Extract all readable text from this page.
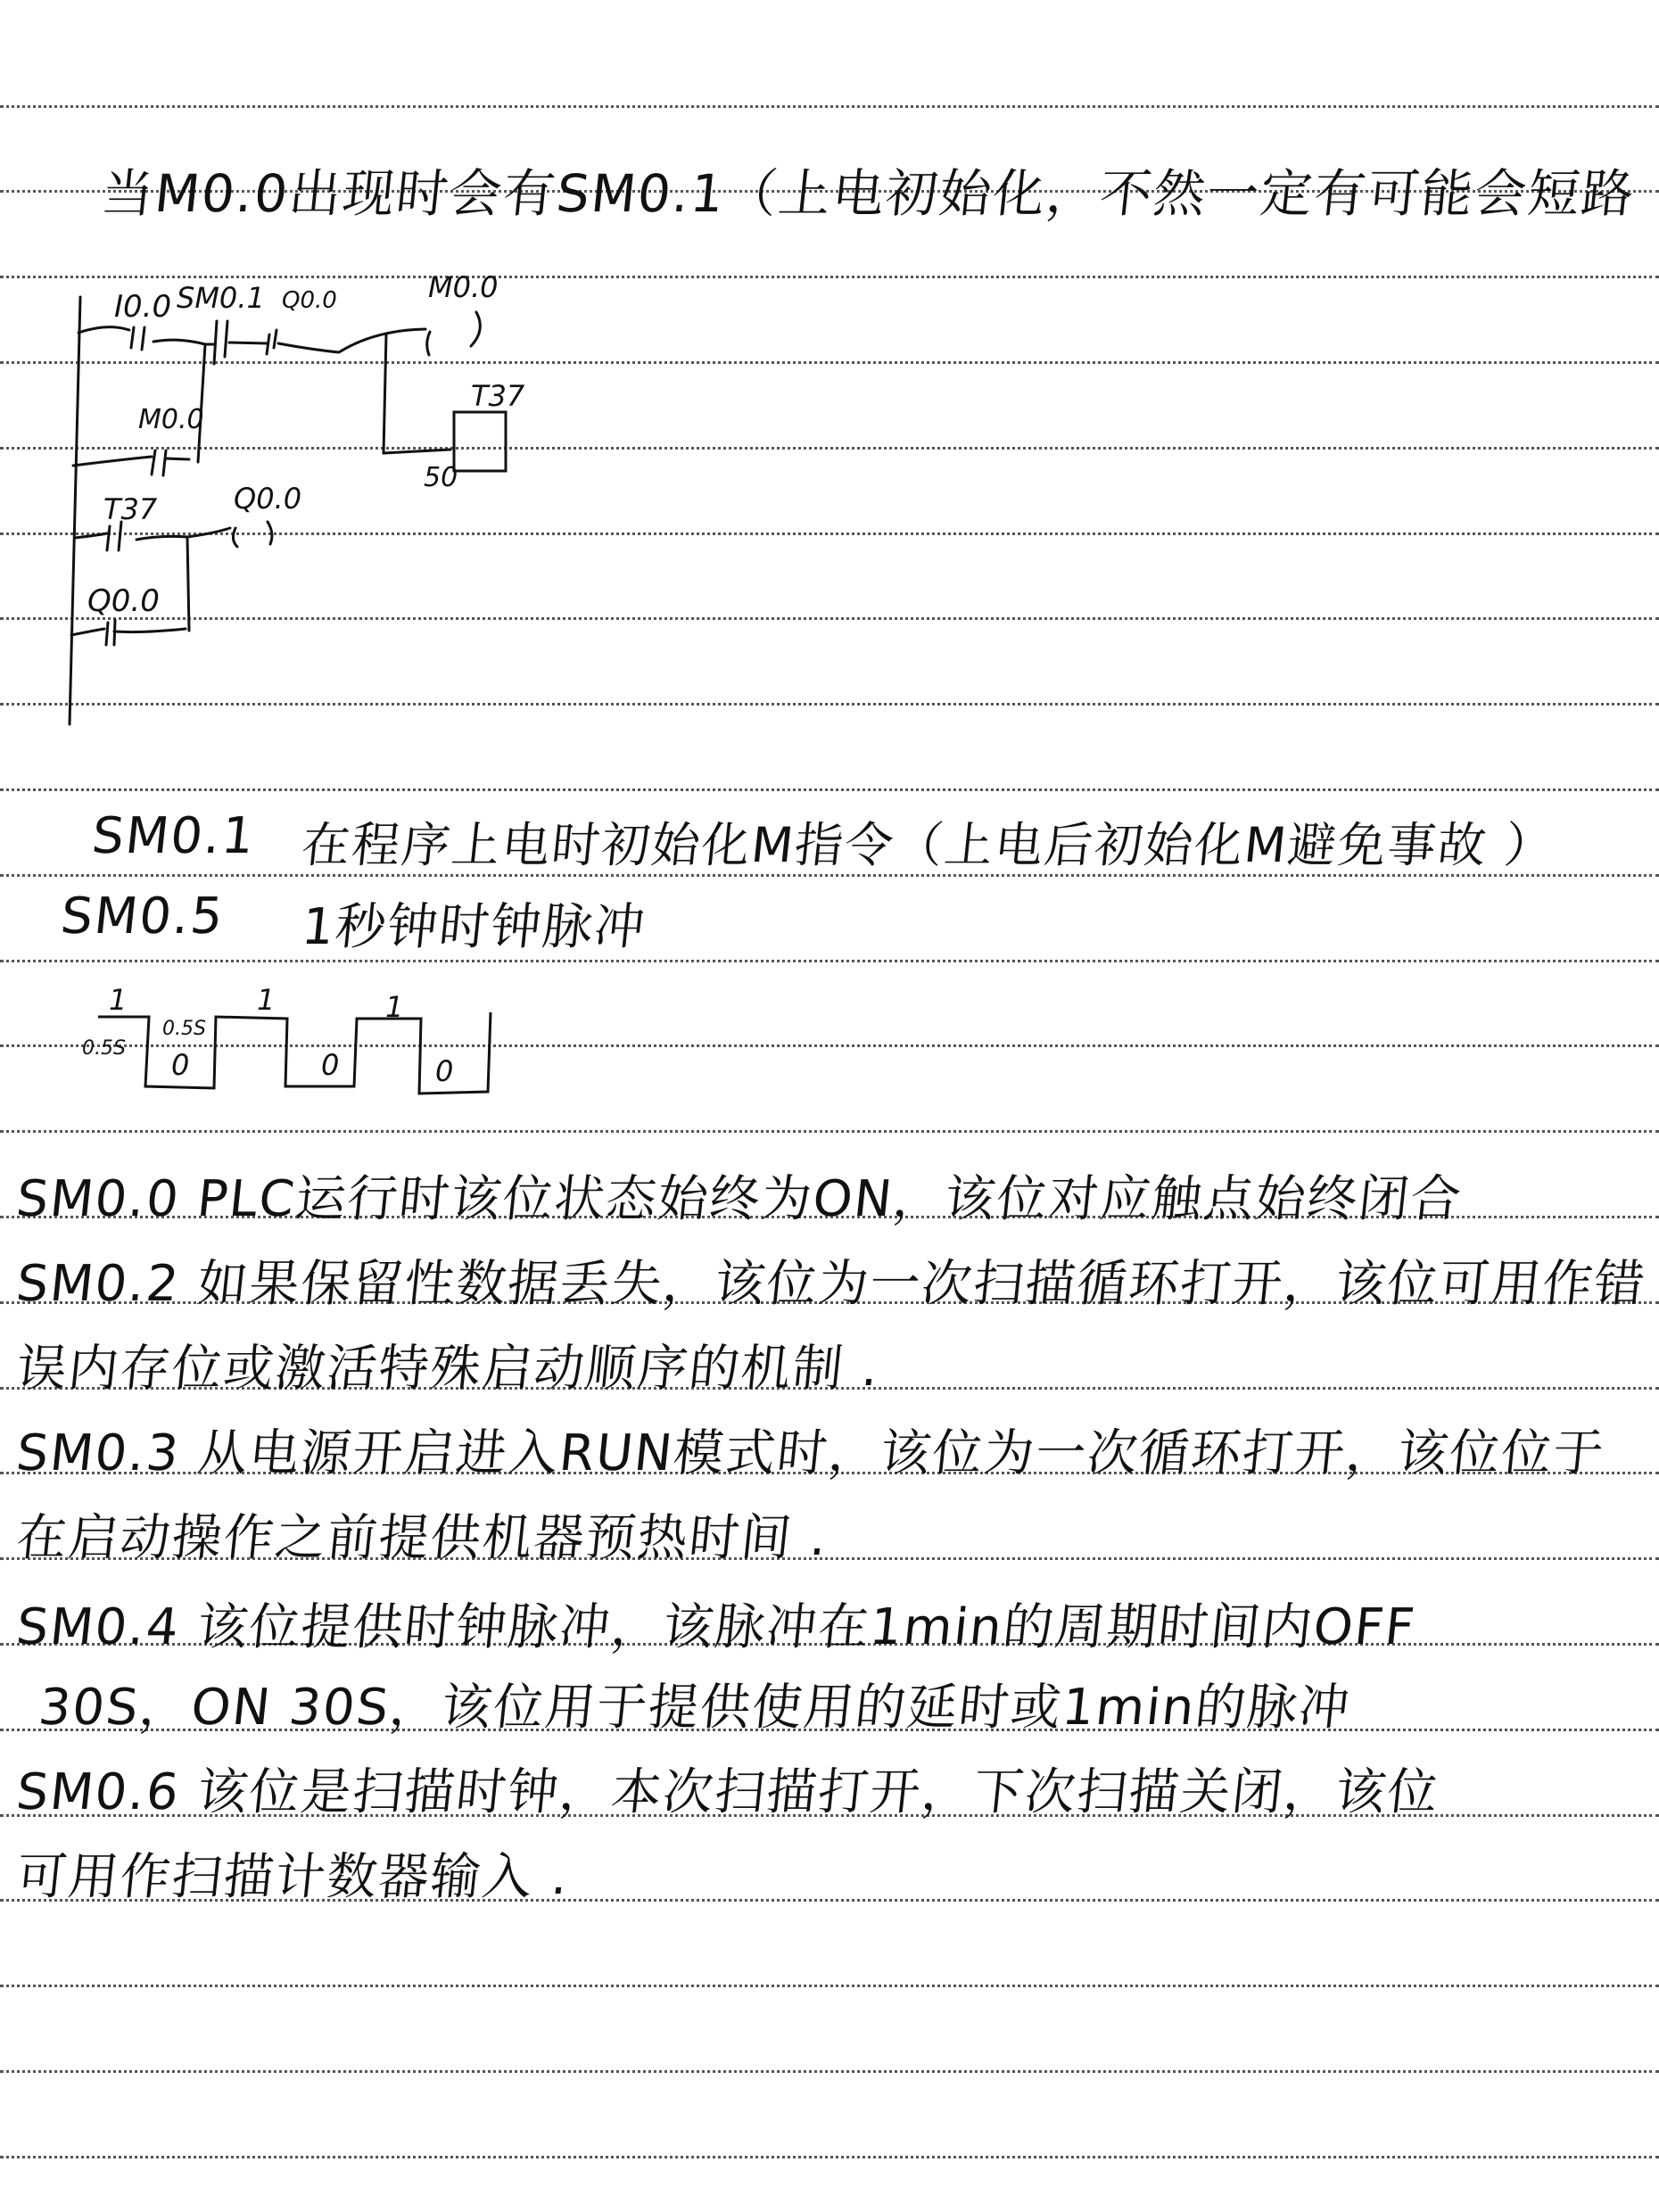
当M0.0出现时会有SM0.1（上电初始化，不然一定有可能会短路
I0.0 SM0.1 Q0.0	M0.0
M0.0
T37
50
T37	Q0.0
Q0.0
SM0.1 在程序上电时初始化M指令（上电后初始化M避免事故 ）
SM0.5 1秒钟时钟脉冲
1	1	1
0.5S
0.5S
0	0	0
SM0.0 PLC运行时该位状态始终为ON，该位对应触点始终闭合
SM0.2 如果保留性数据丢失，该位为一次扫描循环打开，该位可用作错
误内存位或激活特殊启动顺序的机制 .
SM0.3 从电源开启进入RUN模式时，该位为一次循环打开，该位位于
在启动操作之前提供机器预热时间 .
SM0.4 该位提供时钟脉冲，该脉冲在1min的周期时间内OFF
30S，ON 30S，该位用于提供使用的延时或1min的脉冲
SM0.6 该位是扫描时钟，本次扫描打开，下次扫描关闭，该位
可用作扫描计数器输入 .
